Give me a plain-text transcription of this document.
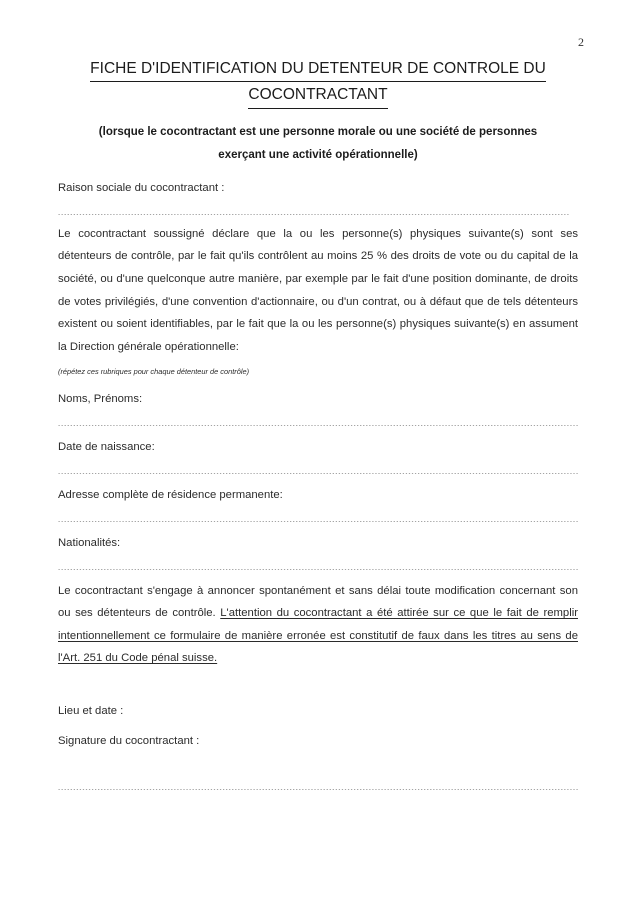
2
FICHE D'IDENTIFICATION DU DETENTEUR DE CONTROLE DU
COCONTRACTANT
(lorsque le cocontractant est une personne morale ou une société de personnes
exerçant une activité opérationnelle)
Raison sociale du cocontractant :
Le cocontractant soussigné déclare que la ou les personne(s) physiques suivante(s) sont ses détenteurs de contrôle, par le fait qu'ils contrôlent au moins 25 % des droits de vote ou du capital de la société, ou d'une quelconque autre manière, par exemple par le fait d'une position dominante, de droits de votes privilégiés, d'une convention d'actionnaire, ou d'un contrat, ou à défaut que de tels détenteurs existent ou soient identifiables, par le fait que la ou les personne(s) physiques suivante(s) en assument la Direction générale opérationnelle:
(répétez ces rubriques pour chaque détenteur de contrôle)
Noms, Prénoms:
Date de naissance:
Adresse complète de résidence permanente:
Nationalités:
Le cocontractant s'engage à annoncer spontanément et sans délai toute modification concernant son ou ses détenteurs de contrôle. L'attention du cocontractant a été attirée sur ce que le fait de remplir intentionnellement ce formulaire de manière erronée est constitutif de faux dans les titres au sens de l'Art. 251 du Code pénal suisse.
Lieu et date :
Signature du cocontractant :
